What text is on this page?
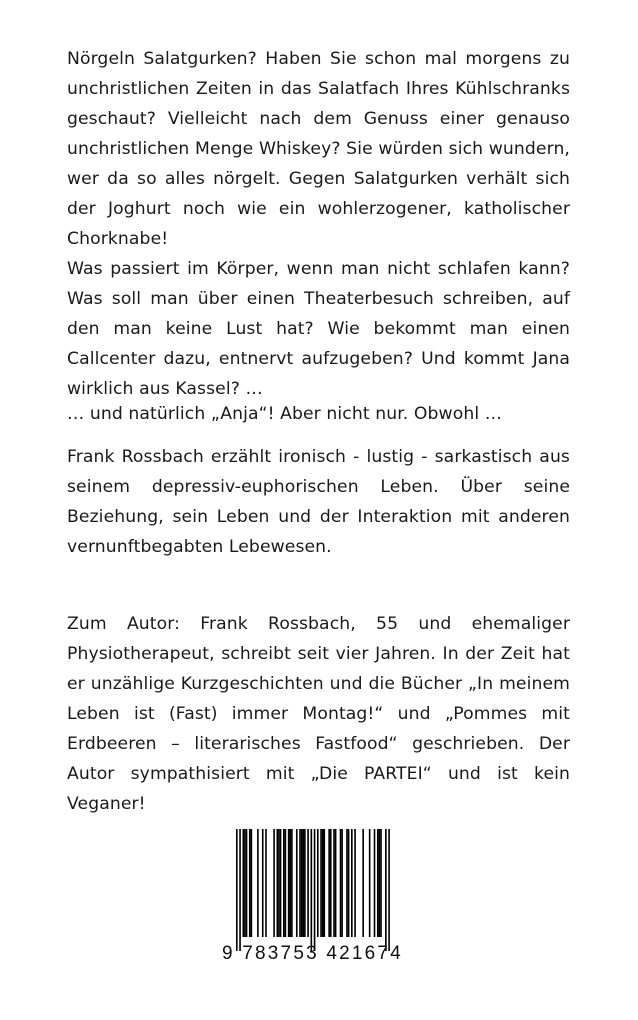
Nörgeln Salatgurken? Haben Sie schon mal morgens zu unchristlichen Zeiten in das Salatfach Ihres Kühlschranks geschaut? Vielleicht nach dem Genuss einer genauso unchristlichen Menge Whiskey? Sie würden sich wundern, wer da so alles nörgelt. Gegen Salatgurken verhält sich der Joghurt noch wie ein wohlerzogener, katholischer Chorknabe!

Was passiert im Körper, wenn man nicht schlafen kann? Was soll man über einen Theaterbesuch schreiben, auf den man keine Lust hat? Wie bekommt man einen Callcenter dazu, entnervt aufzugeben? Und kommt Jana wirklich aus Kassel? …

… und natürlich „Anja“! Aber nicht nur. Obwohl …

Frank Rossbach erzählt ironisch - lustig - sarkastisch aus seinem depressiv-euphorischen Leben. Über seine Beziehung, sein Leben und der Interaktion mit anderen vernunftbegabten Lebewesen.

Zum Autor: Frank Rossbach, 55 und ehemaliger Physiotherapeut, schreibt seit vier Jahren. In der Zeit hat er unzählige Kurzgeschichten und die Bücher „In meinem Leben ist (Fast) immer Montag!“ und „Pommes mit Erdbeeren – literarisches Fastfood“ geschrieben. Der Autor sympathisiert mit „Die PARTEI“ und ist kein Veganer!

9 783753 421674
